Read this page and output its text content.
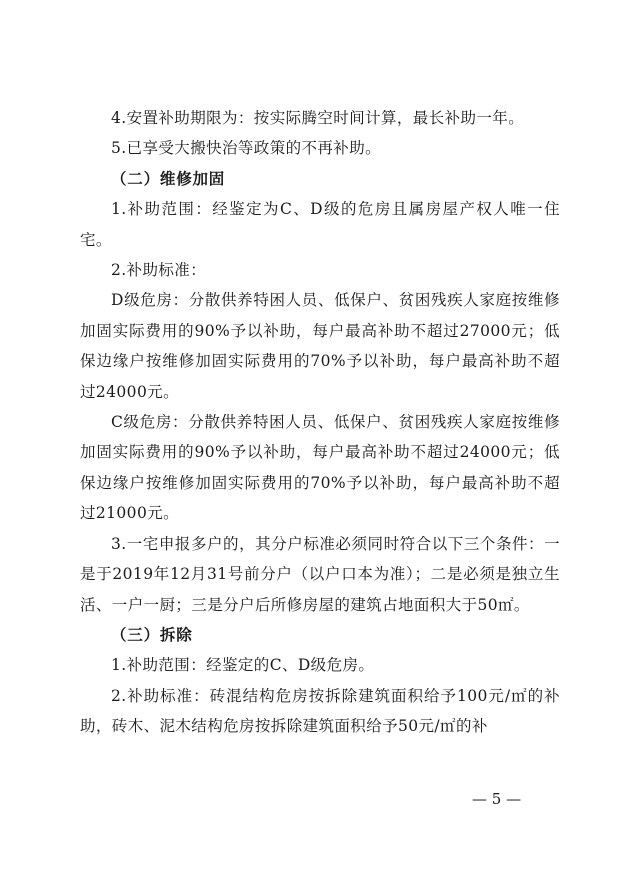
4.安置补助期限为：按实际腾空时间计算，最长补助一年。

5.已享受大搬快治等政策的不再补助。

（二）维修加固

1.补助范围：经鉴定为C、D级的危房且属房屋产权人唯一住宅。

2.补助标准：

D级危房：分散供养特困人员、低保户、贫困残疾人家庭按维修加固实际费用的90%予以补助，每户最高补助不超过27000元；低保边缘户按维修加固实际费用的70%予以补助，每户最高补助不超过24000元。

C级危房：分散供养特困人员、低保户、贫困残疾人家庭按维修加固实际费用的90%予以补助，每户最高补助不超过24000元；低保边缘户按维修加固实际费用的70%予以补助，每户最高补助不超过21000元。

3.一宅申报多户的，其分户标准必须同时符合以下三个条件：一是于2019年12月31号前分户（以户口本为准）；二是必须是独立生活、一户一厨；三是分户后所修房屋的建筑占地面积大于50㎡。

（三）拆除

1.补助范围：经鉴定的C、D级危房。

2.补助标准：砖混结构危房按拆除建筑面积给予100元/㎡的补助，砖木、泥木结构危房按拆除建筑面积给予50元/㎡的补

— 5 —
